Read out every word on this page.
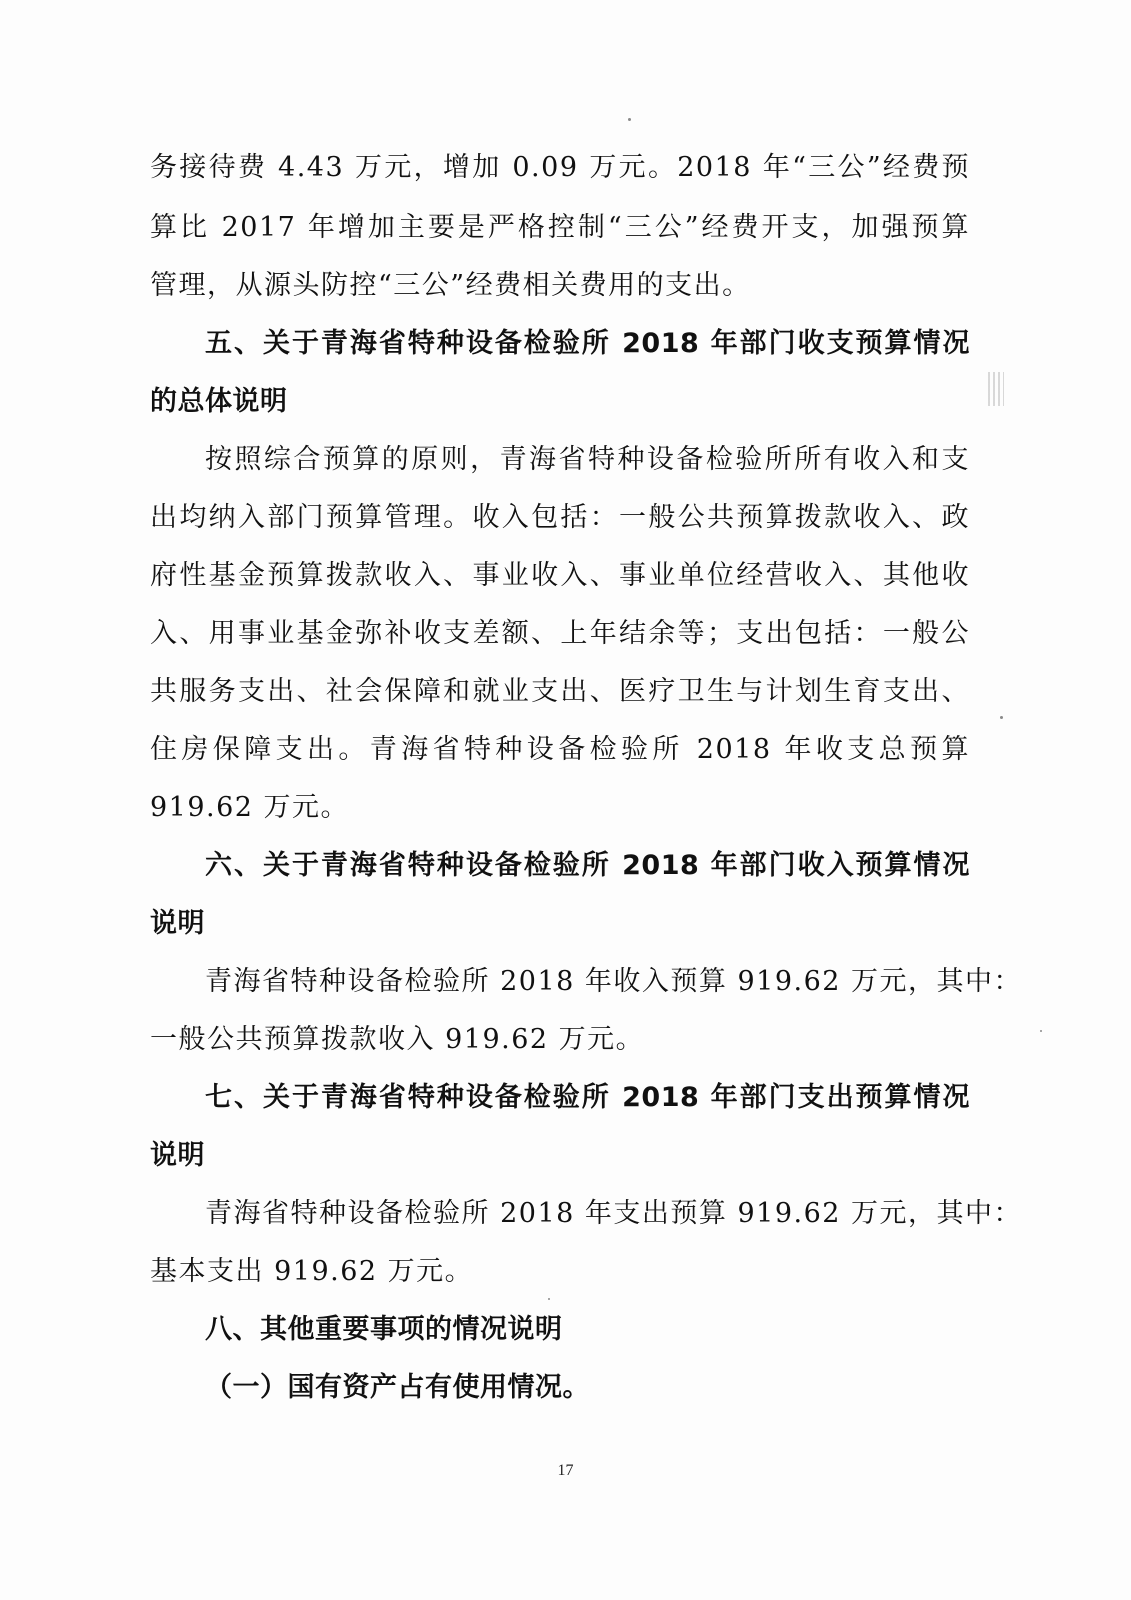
务接待费 4.43 万元，增加 0.09 万元。2018 年“三公”经费预
算比 2017 年增加主要是严格控制“三公”经费开支，加强预算
管理，从源头防控“三公”经费相关费用的支出。
五、关于青海省特种设备检验所 2018 年部门收支预算情况
的总体说明
按照综合预算的原则，青海省特种设备检验所所有收入和支
出均纳入部门预算管理。收入包括：一般公共预算拨款收入、政
府性基金预算拨款收入、事业收入、事业单位经营收入、其他收
入、用事业基金弥补收支差额、上年结余等；支出包括：一般公
共服务支出、社会保障和就业支出、医疗卫生与计划生育支出、
住房保障支出。青海省特种设备检验所 2018 年收支总预算
919.62 万元。
六、关于青海省特种设备检验所 2018 年部门收入预算情况
说明
青海省特种设备检验所 2018 年收入预算 919.62 万元，其中：
一般公共预算拨款收入 919.62 万元。
七、关于青海省特种设备检验所 2018 年部门支出预算情况
说明
青海省特种设备检验所 2018 年支出预算 919.62 万元，其中：
基本支出 919.62 万元。
八、其他重要事项的情况说明
（一）国有资产占有使用情况。
17
